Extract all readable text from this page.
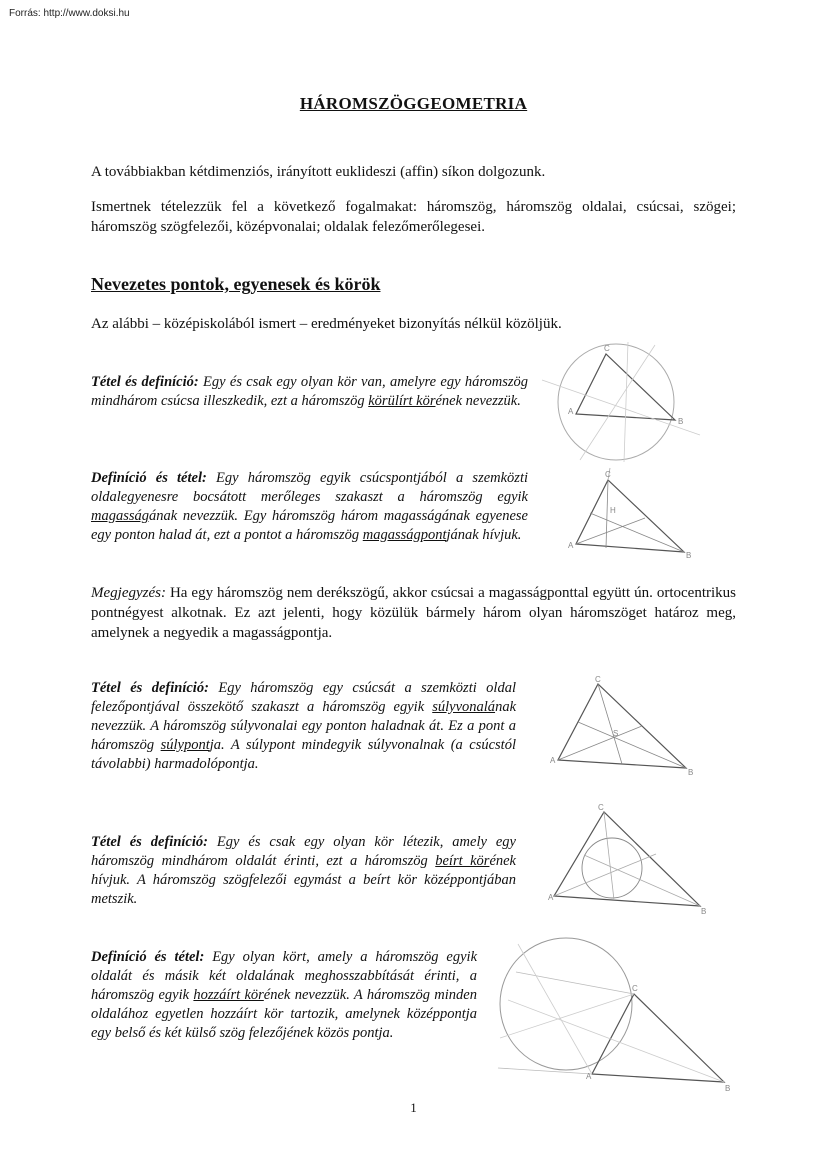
Forrás: http://www.doksi.hu
HÁROMSZÖGGEOMETRIA

A továbbiakban kétdimenziós, irányított euklideszi (affin) síkon dolgozunk.

Ismertnek tételezzük fel a következő fogalmakat: háromszög, háromszög oldalai, csúcsai, szögei; háromszög szögfelezői, középvonalai; oldalak felezőmerőlegesei.

Nevezetes pontok, egyenesek és körök

Az alábbi – középiskolából ismert – eredményeket bizonyítás nélkül közöljük.

Tétel és definíció: Egy és csak egy olyan kör van, amelyre egy háromszög mindhárom csúcsa illeszkedik, ezt a háromszög körülírt körének nevezzük.

Definíció és tétel: Egy háromszög egyik csúcspontjából a szemközti oldalegyenesre bocsátott merőleges szakaszt a háromszög egyik magasságának nevezzük. Egy háromszög három magasságának egyenese egy ponton halad át, ezt a pontot a háromszög magasságpontjának hívjuk.

Megjegyzés: Ha egy háromszög nem derékszögű, akkor csúcsai a magasságponttal együtt ún. ortocentrikus pontnégyest alkotnak. Ez azt jelenti, hogy közülük bármely három olyan háromszöget határoz meg, amelynek a negyedik a magasságpontja.

Tétel és definíció: Egy háromszög egy csúcsát a szemközti oldal felezőpontjával összekötő szakaszt a háromszög egyik súlyvonalának nevezzük. A háromszög súlyvonalai egy ponton haladnak át. Ez a pont a háromszög súlypontja. A súlypont mindegyik súlyvonalnak (a csúcstól távolabbi) harmadolópontja.

Tétel és definíció: Egy és csak egy olyan kör létezik, amely egy háromszög mindhárom oldalát érinti, ezt a háromszög beírt körének hívjuk. A háromszög szögfelezői egymást a beírt kör középpontjában metszik.

Definíció és tétel: Egy olyan kört, amely a háromszög egyik oldalát és másik két oldalának meghosszabbítását érinti, a háromszög egyik hozzáírt körének nevezzük. A háromszög minden oldalához egyetlen hozzáírt kör tartozik, amelynek középpontja egy belső és két külső szög felezőjének közös pontja.

A
B
C
A
B
C
H
A
B
C
S
A
B
C
A
B
C
1
